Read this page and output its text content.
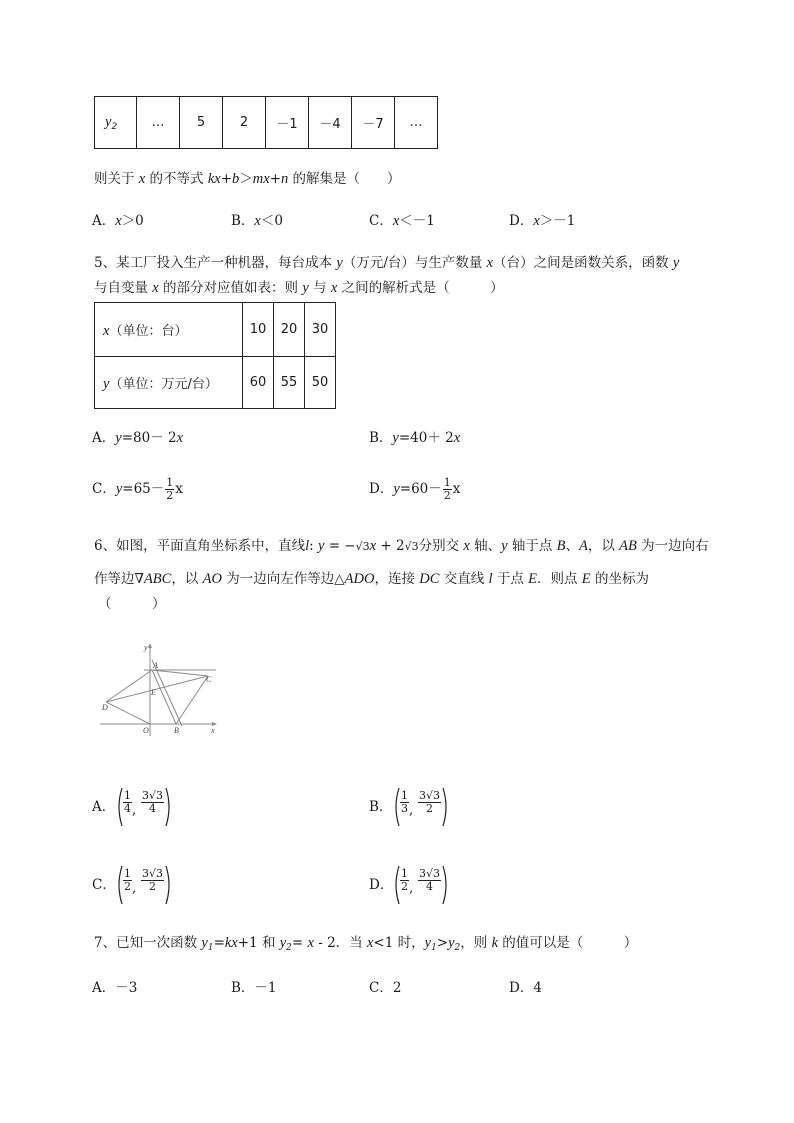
$y_2$	…	5	2	－1	－4	－7	…
则关于 x 的不等式 kx+b＞mx+n 的解集是（　　）
A．x＞0	B．x＜0	C．x＜－1	D．x＞－1
5、某工厂投入生产一种机器，每台成本 y（万元/台）与生产数量 x（台）之间是函数关系，函数 y
与自变量 x 的部分对应值如表：则 y 与 x 之间的解析式是（　　　）
x（单位：台）	10	20	30
y（单位：万元/台）	60	55	50
A．y=80－ 2x	B．y=40＋ 2x
C．$y=65- \frac{1}{2}$ x	D．$y=60- \frac{1}{2}$ x
6、如图，平面直角坐标系中，直线l: y = −√3x + 2√3分别交 x 轴、y 轴于点 B、A，以 AB 为一边向右
作等边∇ABC，以 AO 为一边向左作等边△ADO，连接 DC 交直线 l 于点 E．则点 E 的坐标为
（　　　）
y
A
C
E
D
O	B	x
A． $\frac{1}{4}$ , $\frac{3√3}{4}$	B． $\frac{1}{3}$ , $\frac{3√3}{2}$
C． $\frac{1}{2}$ , $\frac{3√3}{2}$	D． $\frac{1}{2}$ , $\frac{3√3}{4}$
7、已知一次函数 $y_1=kx+1$ 和 $y_2= x - 2$．当 x<1 时，$y_1>y_2$，则 k 的值可以是（　　　）
A．－3	B．－1	C．2	D．4
